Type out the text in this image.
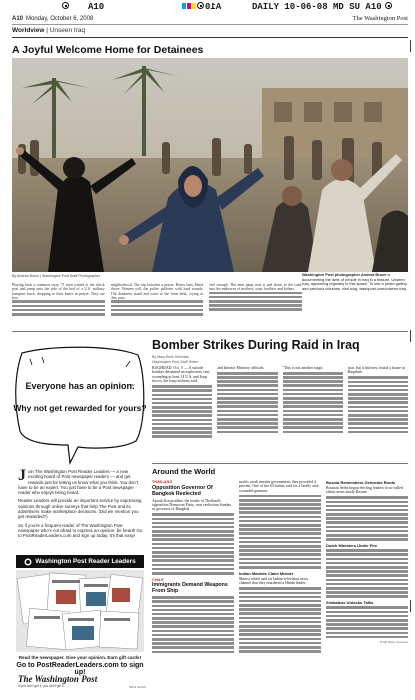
A10	A10	DAILY 10-06-08 MD SU A10
A10 Monday, October 6, 2008	The Washington Post
Worldview | Unseen Iraq
A Joyful Welcome Home for Detainees
By Andrea Bruce | Washington Post Staff Photographer	Washington Post photographer Andrea Bruce is documenting the lives of people in Iraq in a feature, Unseen Iraq, appearing regularly in this space. To see a photo gallery and previous columns, visit blog. washpost.com/unseen-iraq.
Playing back a common story, 71 men waited at the check post and jump onto the side of the bed of a U.S. military transport truck, dropping to their knees in prayer. They are free.
neighborhood. The trip between a prayer. Hours later, Haifa drove. Women yell, the police pullover with loud sounds. The detainees stand and wave to the front desk, crying as they pass.
feel enough. The men jump over it and down to the road, into the embraces of mothers, sons, brothers and fathers.
Everyone has an opinion.
Why not get rewarded for yours?

Join The Washington Post Reader Leaders — a new exciting board of Post newspaper readers — and get rewards just for letting us know what you think. You don't have to be an expert. You just have to be a Post newspaper reader who enjoys being heard.

Reader Leaders will provide an important service by expressing opinions through online surveys that help The Post and its advertisers make marketplace decisions. (Did we mention you get rewarded?)

So if you're a frequent reader of The Washington Post newspaper who's not afraid to express an opinion, be heard! Go to PostReaderLeaders.com and sign up today. It's that easy!

Washington Post Reader Leaders
Read the newspaper. Give your opinion. Earn gift cards!
Go to PostReaderLeaders.com to sign up!
The Washington Post
If you don't get it, you don't get it.	8X11 3x10.5
Bomber Strikes During Raid in Iraq
By Mary Beth Sheridan
Washington Post Staff Writer
BAGHDAD, Oct. 5 — A suicide bomber detonated an explosives vest, wounding at least 14 U.S. and Iraqi forces, the Iraqi military said.
and Interior Ministry officials.	"This is not another tragic	tion, but it had now found a house in Baqubah.
Around the World
THAILAND
Opposition Governor Of Bangkok Reelected
Apirak Kosayodhin, the leader of Thailand's opposition Democrat Party, won reelection Sunday as governor of Bangkok.
CHILE
Immigrants Demand Weapons From Ship
mala's weak interim government, they provided 4 percent. One of the 63 bodies said for a fatally shot wounded gunman.
Indian Maoists Claim Murder
Maoist rebels said on Indian television news channel that they murdered a Hindu leader.
Bosnia Remembers Genocide Roots
Bosnian Serbs began electing leaders in so-called ethnic areas inside Bosnia.
Dutch Ministers Under Fire
Zimbabwe Unlocks Talks
From News Services
